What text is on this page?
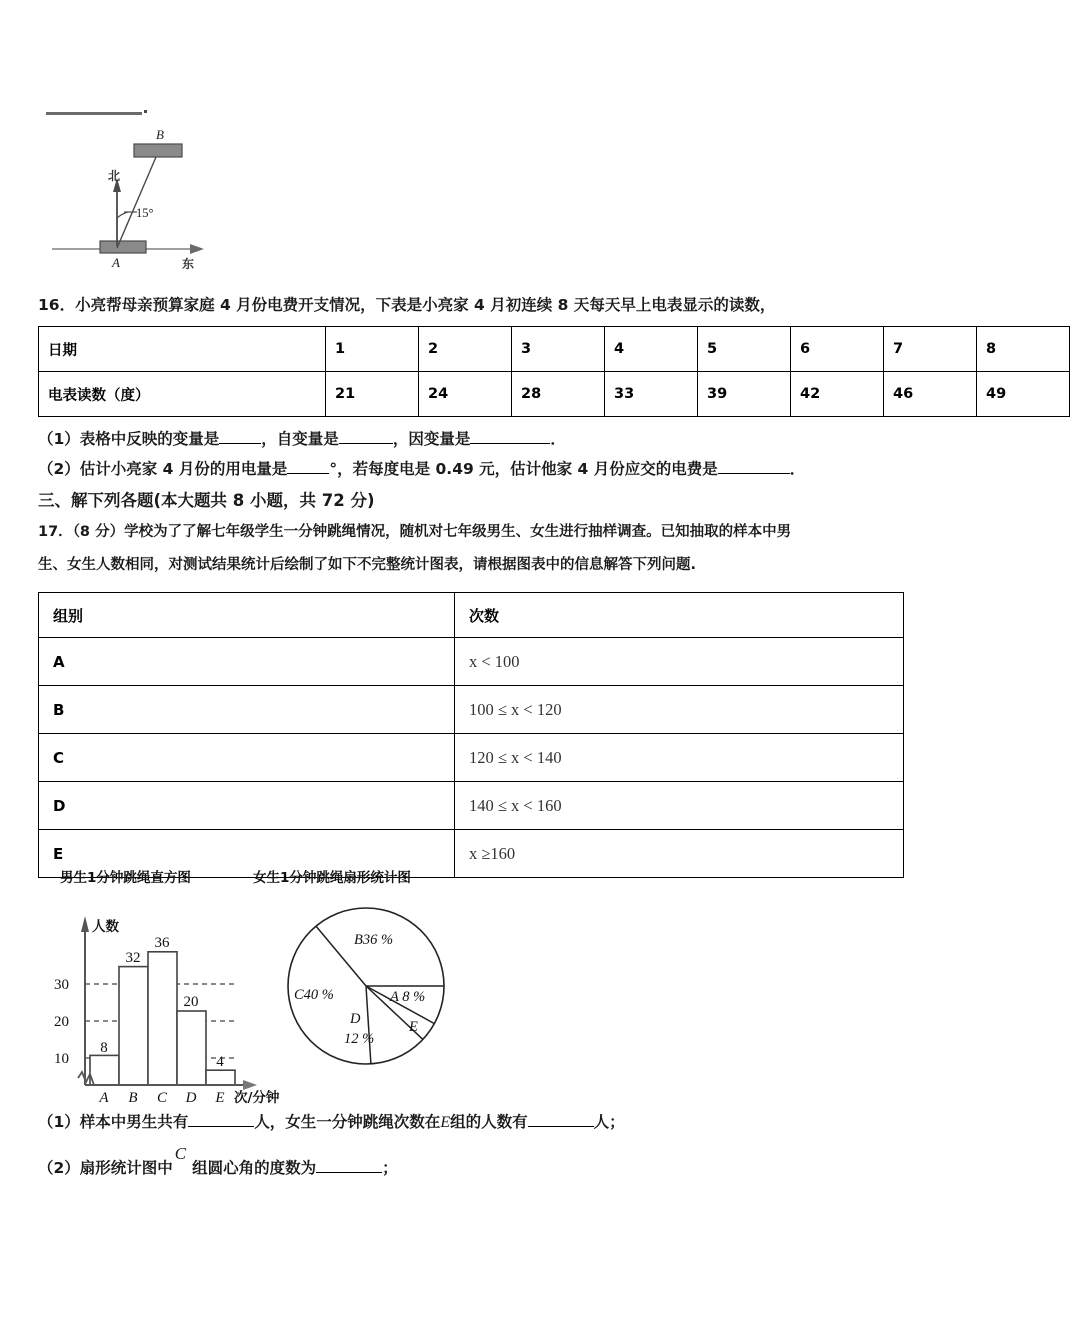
B
A
北
东
15°
16．小亮帮母亲预算家庭 4 月份电费开支情况，下表是小亮家 4 月初连续 8 天每天早上电表显示的读数，
日期	1	2	3	4	5	6	7	8
电表读数（度）	21	24	28	33	39	42	46	49
（1）表格中反映的变量是	，自变量是	，因变量是	．
（2）估计小亮家 4 月份的用电量是	°，若每度电是 0.49 元，估计他家 4 月份应交的电费是	．
三、解下列各题(本大题共 8 小题，共 72 分)
17．（8 分）学校为了了解七年级学生一分钟跳绳情况，随机对七年级男生、女生进行抽样调查。已知抽取的样本中男
生、女生人数相同，对测试结果统计后绘制了如下不完整统计图表，请根据图表中的信息解答下列问题.
组别	次数
A	x < 100
B	100 ≤ x < 120
C	120 ≤ x < 140
D	140 ≤ x < 160
E	x ≥160
男生1分钟跳绳直方图	女生1分钟跳绳扇形统计图
8
32
36
20
4
10
20
30
A B C D E
人数
次/分钟
B36 %
A 8 %
C40 %
D
12 %
E
（1）样本中男生共有	人，女生一分钟跳绳次数在E组的人数有	人；
（2）扇形统计图中C组圆心角的度数为	；
